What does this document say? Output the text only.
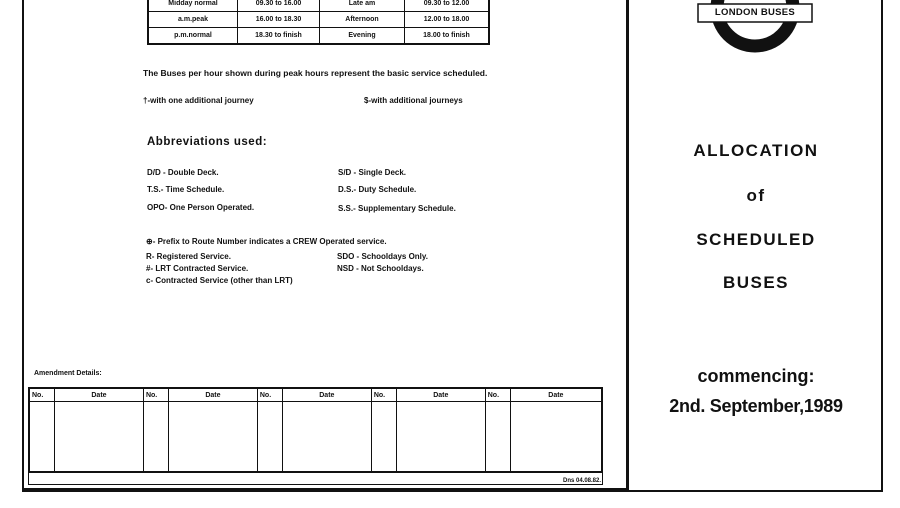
Midday normal	09.30 to 16.00	Late am	09.30 to 12.00
a.m.peak	16.00 to 18.30	Afternoon	12.00 to 18.00
p.m.normal	18.30 to finish	Evening	18.00 to finish
The Buses per hour shown during peak hours represent the basic service scheduled.
†-with one additional journey	$-with additional journeys
Abbreviations used:
D/D - Double Deck.
T.S.- Time Schedule.
OPO- One Person Operated.
S/D - Single Deck.
D.S.- Duty Schedule.
S.S.- Supplementary Schedule.
⊕- Prefix to Route Number indicates a CREW Operated service.
R- Registered Service.
#- LRT Contracted Service.
c- Contracted Service (other than LRT)
SDO - Schooldays Only.
NSD - Not Schooldays.
Amendment Details:
No.	Date	No.	Date	No.	Date	No.	Date	No.	Date

Dns 04.08.82.
LONDON BUSES
ALLOCATION
of
SCHEDULED
BUSES
commencing:
2nd. September,1989
